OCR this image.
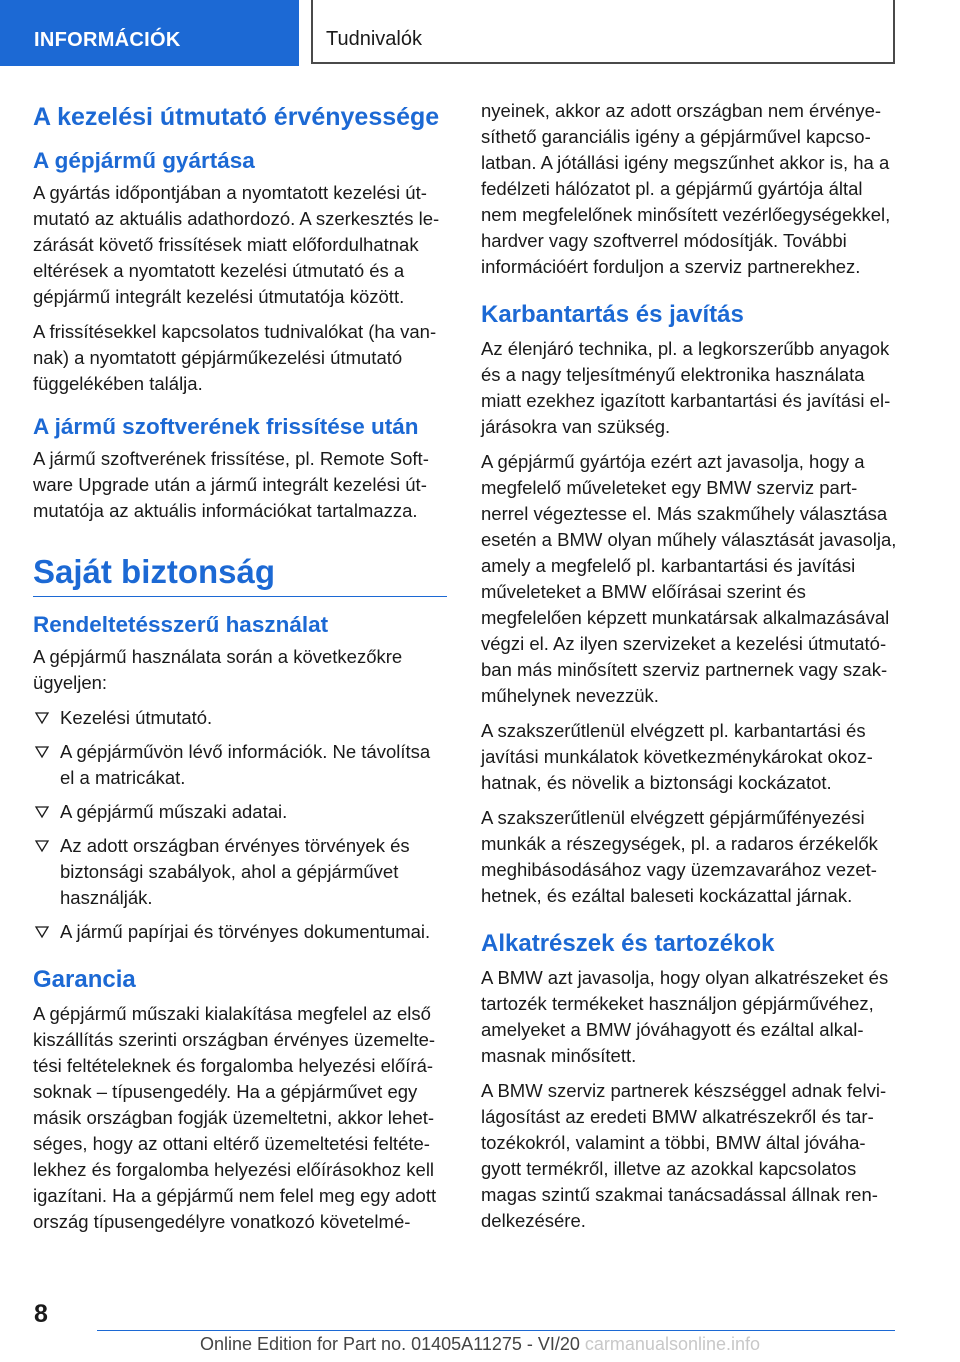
INFORMÁCIÓK	Tudnivalók
A kezelési útmutató érvényessége
A gépjármű gyártása

A gyártás időpontjában a nyomtatott kezelési útmutató az aktuális adathordozó. A szerkesztés lezárását követő frissítések miatt előfordulhatnak eltérések a nyomtatott kezelési útmutató és a gépjármű integrált kezelési útmutatója között.

A frissítésekkel kapcsolatos tudnivalókat (ha vannak) a nyomtatott gépjárműkezelési útmutató függelékében találja.

A jármű szoftverének frissítése után

A jármű szoftverének frissítése, pl. Remote Software Upgrade után a jármű integrált kezelési útmutatója az aktuális információkat tartalmazza.

Saját biztonság
Rendeltetésszerű használat

A gépjármű használata során a következőkre ügyeljen:

Kezelési útmutató.
A gépjárművön lévő információk. Ne távolítsa el a matricákat.
A gépjármű műszaki adatai.
Az adott országban érvényes törvények és biztonsági szabályok, ahol a gépjárművet használják.
A jármű papírjai és törvényes dokumentumai.
Garancia

A gépjármű műszaki kialakítása megfelel az első kiszállítás szerinti országban érvényes üzemeltetési feltételeknek és forgalomba helyezési előírásoknak – típusengedély. Ha a gépjárművet egy másik országban fogják üzemeltetni, akkor lehetséges, hogy az ottani eltérő üzemeltetési feltételekhez és forgalomba helyezési előírásokhoz kell igazítani. Ha a gépjármű nem felel meg egy adott ország típusengedélyre vonatkozó követelmé-

nyeinek, akkor az adott országban nem érvényesíthető garanciális igény a gépjárművel kapcsolatban. A jótállási igény megszűnhet akkor is, ha a fedélzeti hálózatot pl. a gépjármű gyártója által nem megfelelőnek minősített vezérlőegységekkel, hardver vagy szoftverrel módosítják. További információért forduljon a szerviz partnerekhez.

Karbantartás és javítás

Az élenjáró technika, pl. a legkorszerűbb anyagok és a nagy teljesítményű elektronika használata miatt ezekhez igazított karbantartási és javítási eljárásokra van szükség.

A gépjármű gyártója ezért azt javasolja, hogy a megfelelő műveleteket egy BMW szerviz partnerrel végeztesse el. Más szakműhely választása esetén a BMW olyan műhely választását javasolja, amely a megfelelő pl. karbantartási és javítási műveleteket a BMW előírásai szerint és megfelelően képzett munkatársak alkalmazásával végzi el. Az ilyen szervizeket a kezelési útmutatóban más minősített szerviz partnernek vagy szakműhelynek nevezzük.

A szakszerűtlenül elvégzett pl. karbantartási és javítási munkálatok következménykárokat okozhatnak, és növelik a biztonsági kockázatot.

A szakszerűtlenül elvégzett gépjárműfényezési munkák a részegységek, pl. a radaros érzékelők meghibásodásához vagy üzemzavarához vezethetnek, és ezáltal baleseti kockázattal járnak.

Alkatrészek és tartozékok

A BMW azt javasolja, hogy olyan alkatrészeket és tartozék termékeket használjon gépjárművéhez, amelyeket a BMW jóváhagyott és ezáltal alkalmasnak minősített.

A BMW szerviz partnerek készséggel adnak felvilágosítást az eredeti BMW alkatrészekről és tartozékokról, valamint a többi, BMW által jóváhagyott termékről, illetve az azokkal kapcsolatos magas szintű szakmai tanácsadással állnak rendelkezésére.

8
Online Edition for Part no. 01405A11275 - VI/20 carmanualsonline.info
